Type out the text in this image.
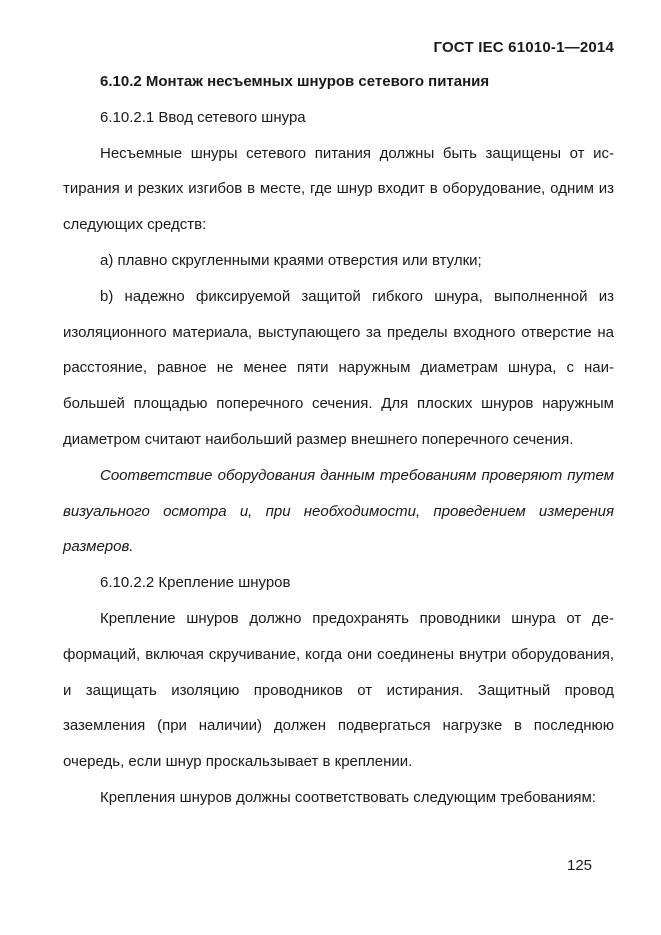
ГОСТ IEC 61010-1—2014

6.10.2 Монтаж несъемных шнуров сетевого питания

6.10.2.1 Ввод сетевого шнура

Несъемные шнуры сетевого питания должны быть защищены от истирания и резких изгибов в месте, где шнур входит в оборудование, одним из следующих средств:

a) плавно скругленными краями отверстия или втулки;

b) надежно фиксируемой защитой гибкого шнура, выполненной из изоляционного материала, выступающего за пределы входного отверстие на расстояние, равное не менее пяти наружным диаметрам шнура, с наибольшей площадью поперечного сечения. Для плоских шнуров наружным диаметром считают наибольший размер внешнего поперечного сечения.

Соответствие оборудования данным требованиям проверяют путем визуального осмотра и, при необходимости, проведением измерения размеров.

6.10.2.2 Крепление шнуров

Крепление шнуров должно предохранять проводники шнура от деформаций, включая скручивание, когда они соединены внутри оборудования, и защищать изоляцию проводников от истирания. Защитный провод заземления (при наличии) должен подвергаться нагрузке в последнюю очередь, если шнур проскальзывает в креплении.

Крепления шнуров должны соответствовать следующим требованиям:

125
